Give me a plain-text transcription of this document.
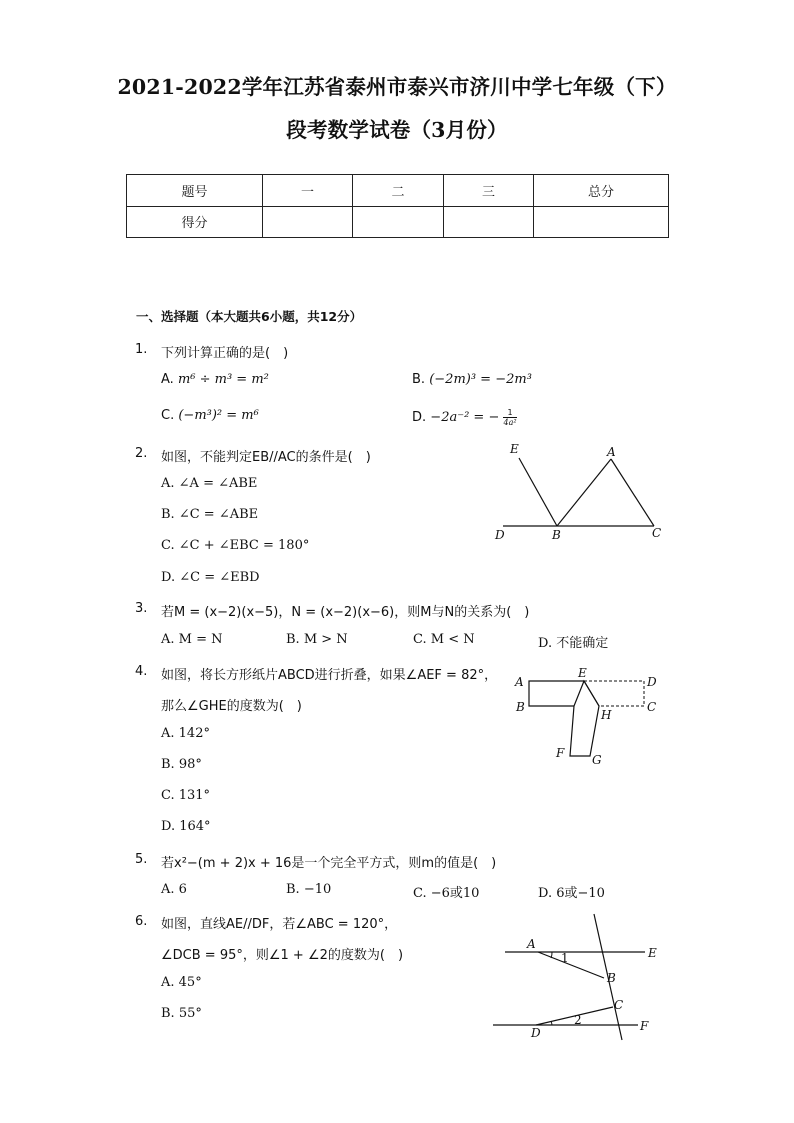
2021-2022学年江苏省泰州市泰兴市济川中学七年级（下）
段考数学试卷（3月份）
题号	一	二	三	总分
得分				
一、选择题（本大题共6小题，共12分）
1. 下列计算正确的是(　)
A. m⁶ ÷ m³ = m²	B. (−2m)³ = −2m³
C. (−m³)² = m⁶	D. −2a⁻² = − $\frac{1}{\text{4a²}}$
2. 如图，不能判定EB//AC的条件是(　)
A. ∠A = ∠ABE
B. ∠C = ∠ABE
C. ∠C + ∠EBC = 180°
D. ∠C = ∠EBD
E	A
D	B	C
3. 若M = (x−2)(x−5)，N = (x−2)(x−6)，则M与N的关系为(　)
A. M = N	B. M > N	C. M < N	D. 不能确定
4. 如图，将长方形纸片ABCD进行折叠，如果∠AEF = 82°，
那么∠GHE的度数为(　)
A. 142°
B. 98°
C. 131°
D. 164°
E
A	D
B
H
C
F G
5. 若x²−(m + 2)x + 16是一个完全平方式，则m的值是(　)
A. 6	B. −10	C. −6或10	D. 6或−10
6. 如图，直线AE//DF，若∠ABC = 120°，
∠DCB = 95°，则∠1 + ∠2的度数为(　)
A. 45°
B. 55°
A
1	E
B
C
2
D	F
